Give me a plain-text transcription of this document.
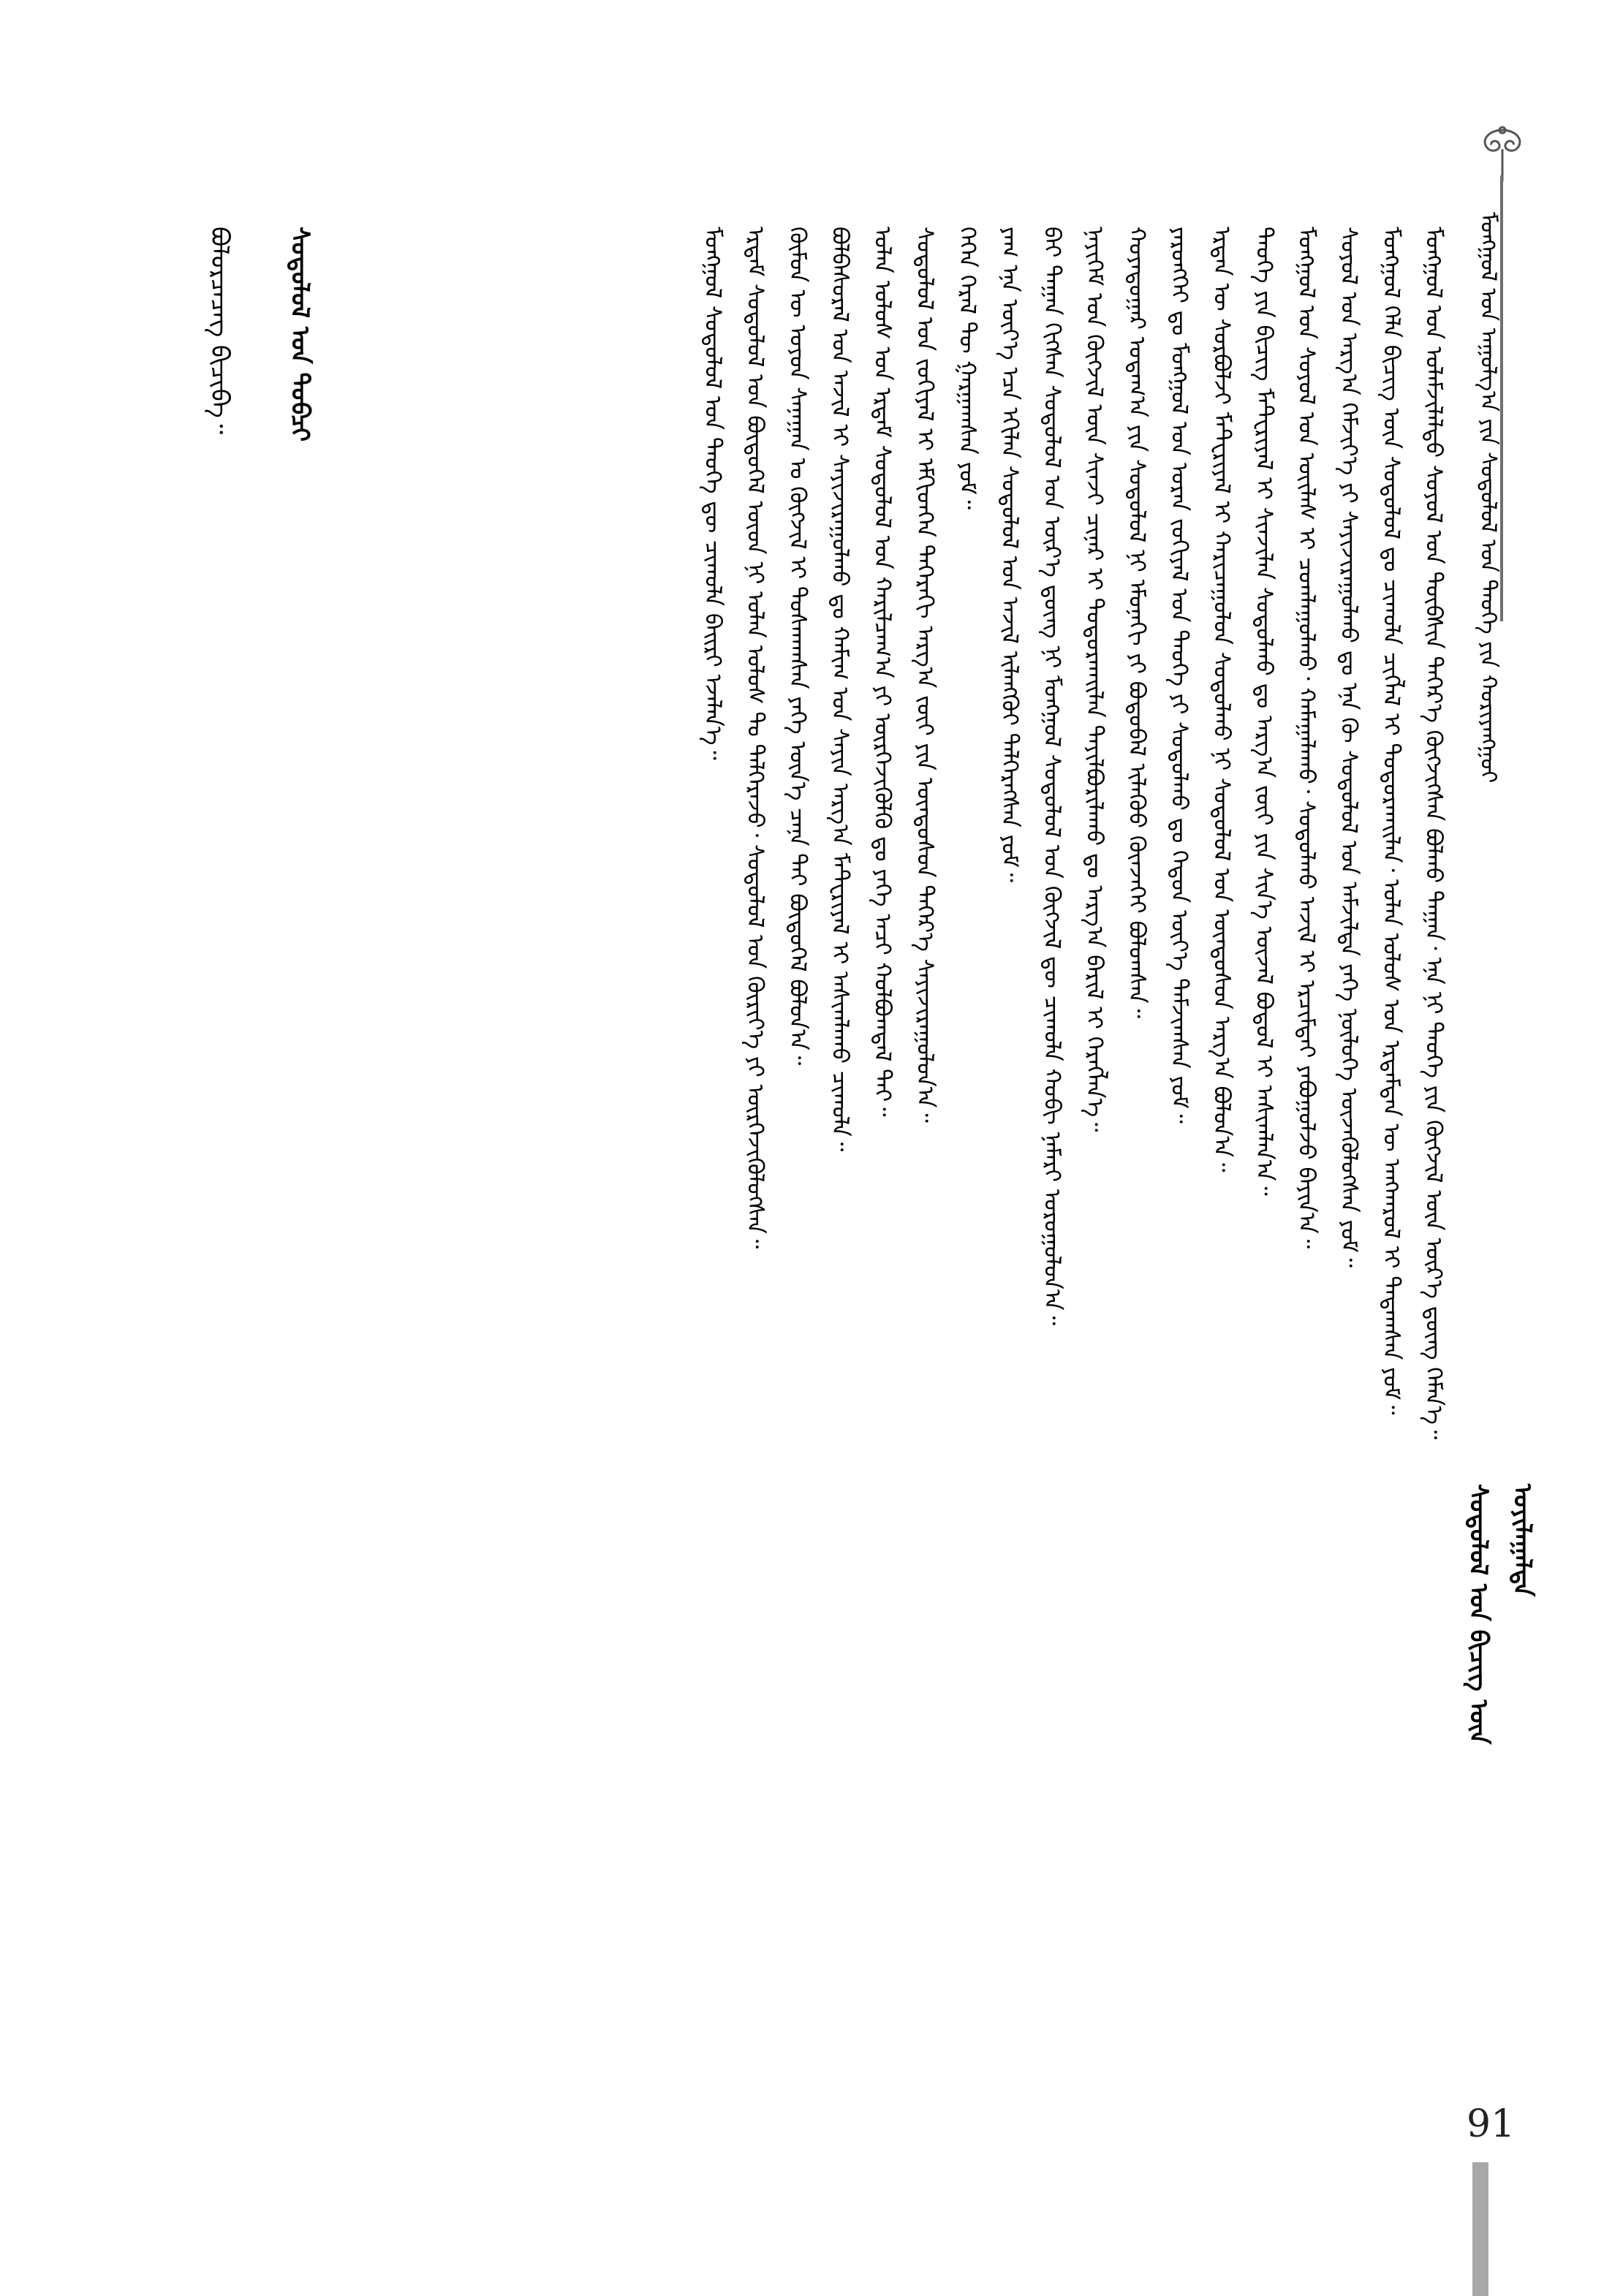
ᠮᠣᠩᠭᠣᠯ ᠤᠨ ᠠᠭᠤᠯᠭ᠎ᠠ ᠶᠢᠨ ᠰᠤᠳᠤᠯᠤᠯ ᠤᠨ ᠲᠡᠦᠬᠡ ᠶᠢᠨ ᠬᠤᠷᠢᠶᠠᠩᠭᠤᠢ
ᠰᠤᠳᠤᠯᠤᠯ ᠤᠨ ᠪᠢᠴᠢᠭ ᠦᠨ ᠣᠶᠢᠯᠠᠭᠠᠯᠲᠠ
91
ᠮᠣᠩᠭᠣᠯ ᠤᠨ ᠤᠯᠠᠮᠵᠢᠯᠠᠯᠲᠤ ᠰᠣᠶᠣᠯ ᠤᠨ ᠲᠦᠪᠰᠢᠨ ᠳᠡᠭᠡᠷ᠎ᠡ ᠬᠥᠭᠵᠢᠭᠰᠡᠨ ᠪᠣᠯᠬᠣ ᠳᠠᠭᠠᠨ᠂ ᠡᠨᠡ ᠨᠢ ᠲᠡᠦᠬᠡ ᠶᠢᠨ ᠬᠥᠭᠵᠢᠯ ᠦᠨ ᠦᠷ᠎ᠡ ᠳ᠋ᠦᠩ ᠬᠡᠮᠡᠨ᠎ᠡ᠃
ᠮᠣᠩᠭᠣᠯ ᠬᠡᠯᠡ ᠪᠢᠴᠢᠭ ᠦᠨ ᠰᠤᠳᠤᠯᠤᠯ ᠳᠤ ᠴᠢᠬᠤᠯᠠ ᠴᠢᠭᠯᠡᠯ ᠢ ᠲᠣᠳᠤᠷᠬᠠᠢᠯᠠᠨ᠂ ᠣᠯᠠᠨ ᠤᠯᠤᠰ ᠤᠨ ᠡᠷᠳᠡᠮᠲᠡᠨ ᠦ ᠠᠩᠬᠠᠷᠤᠯ ᠢ ᠲᠠᠲᠠᠭᠰᠠᠨ ᠶᠤᠮ᠃
ᠰᠣᠶᠣᠯ ᠤᠨ ᠠᠷᠭ᠎ᠠ ᠬᠡᠮᠵᠢᠶ᠎ᠡ ᠶᠢ ᠰᠠᠶᠢᠵᠢᠷᠠᠭᠤᠯᠬᠤ ᠳᠤ ᠡᠨᠡ ᠬᠦ ᠰᠤᠳᠤᠯᠤᠯ ᠤᠨ ᠠᠮᠵᠢᠯᠲᠠ ᠶᠡᠬᠡ ᠨᠥᠯᠦᠭᠡ ᠦᠵᠡᠭᠦᠯᠦᠭᠰᠡᠨ ᠶᠤᠮ᠃
ᠮᠣᠩᠭᠣᠯ ᠤᠨ ᠰᠣᠶᠣᠯ ᠤᠨ ᠦᠢᠯᠡᠰ ᠢ ᠴᠤᠭᠯᠠᠭᠤᠯᠬᠤ᠂ ᠬᠠᠮᠠᠭᠠᠯᠠᠬᠤ᠂ ᠰᠤᠳᠤᠯᠬᠤ ᠠᠵᠢᠯ ᠢ ᠡᠷᠴᠢᠮᠲᠡᠢ ᠶᠠᠪᠤᠭᠤᠯᠵᠤ ᠪᠠᠶᠢᠨ᠎ᠠ᠃
ᠲᠡᠦᠬᠡ ᠶᠢᠨ ᠪᠢᠴᠢᠭ ᠮᠠᠲ᠋ᠧᠷᠢᠶᠠᠯ ᠢ ᠰᠢᠨᠵᠢᠯᠡᠨ ᠰᠤᠳᠤᠯᠬᠤ ᠳᠤ ᠠᠷᠭ᠎ᠠ ᠵᠦᠢ ᠶᠢᠨ ᠰᠢᠨ᠎ᠡ ᠦᠵᠡᠯ ᠪᠣᠳᠣᠯ ᠢ ᠠᠰᠢᠭᠯᠠᠨ᠎ᠠ᠃
ᠡᠷᠲᠡᠨ ᠦ ᠰᠤᠷᠪᠤᠯᠵᠢ ᠮᠠᠲ᠋ᠧᠷᠢᠶᠠᠯ ᠢ ᠬᠠᠷᠢᠴᠠᠭᠤᠯᠤᠨ ᠰᠤᠳᠤᠯᠬᠤ ᠨᠢ ᠰᠤᠳᠤᠯᠤᠯ ᠤᠨ ᠦᠨᠳᠦᠰᠦᠨ ᠠᠷᠭ᠎ᠠ ᠪᠣᠯᠤᠨ᠎ᠠ᠃
ᠶᠡᠷᠦᠩᠬᠡᠢ ᠳᠤ ᠮᠣᠩᠭᠣᠯ ᠤᠨ ᠤᠷᠠᠨ ᠵᠣᠬᠢᠶᠠᠯ ᠤᠨ ᠲᠡᠦᠬᠡ ᠶᠢ ᠰᠤᠳᠤᠯᠬᠤ ᠳᠤ ᠬᠡᠳᠦᠨ ᠦᠶ᠎ᠡ ᠳᠠᠮᠵᠢᠭᠰᠠᠨ ᠶᠤᠮ᠃
ᠬᠣᠶᠠᠳᠤᠭᠠᠷ ᠤᠳᠠᠭ᠎ᠠ ᠶᠢᠨ ᠰᠤᠳᠤᠯᠤᠯ ᠨᠢ ᠡᠮᠦᠨᠡᠬᠢ ᠶᠢ ᠪᠣᠳᠣᠪᠠᠯ ᠢᠯᠡᠭᠦᠦ ᠭᠦᠨᠵᠡᠭᠡᠢ ᠪᠣᠯᠤᠭᠰᠠᠨ᠃
ᠨᠡᠶᠢᠭᠡᠮ ᠤᠨ ᠬᠥᠭᠵᠢᠯ ᠦᠨ ᠰᠢᠨᠵᠢ ᠴᠢᠨᠠᠷ ᠢ ᠲᠣᠳᠤᠷᠬᠠᠢᠯᠠᠨ ᠲᠠᠶᠢᠯᠪᠤᠷᠢᠯᠠᠬᠤ ᠳᠤ ᠠᠷᠭ᠎ᠠ ᠪᠠᠷᠢᠯ ᠢ ᠬᠡᠷᠡᠭᠯᠡᠨ᠎ᠡ᠃
ᠪᠠᠢ ᠳᠠᠭᠠᠨ ᠬᠢᠭᠰᠡᠨ ᠰᠤᠳᠤᠯᠤᠯ ᠤᠨ ᠦᠷ᠎ᠡ ᠳ᠋ᠦᠩ ᠨᠢ ᠮᠣᠩᠭᠣᠯ ᠰᠤᠳᠤᠯᠤᠯ ᠤᠨ ᠬᠥᠭᠵᠢᠯ ᠳᠦ ᠴᠢᠬᠤᠯᠠ ᠬᠤᠪᠢ ᠨᠡᠮᠡᠷᠢ ᠣᠷᠤᠭᠤᠯᠤᠨ᠎ᠠ᠃
ᠶᠠᠭ ᠡᠨᠡ ᠦᠶ᠎ᠡ ᠡᠴᠡ ᠡᠬᠢᠯᠡᠨ ᠰᠤᠳᠤᠯᠤᠯ ᠤᠨ ᠠᠵᠢᠯ ᠢᠯᠡᠩᠬᠦᠢ ᠲᠡᠯᠭᠡᠷᠡᠭᠰᠡᠨ ᠶᠤᠮ᠃
ᠭᠡᠭᠡᠨ ᠭᠡᠷᠡᠯ ᠲᠦ ᠭᠠᠷᠭᠠᠭᠰᠠᠨ ᠶᠤᠮ᠃
ᠰᠤᠳᠤᠯᠤᠯ ᠤᠨ ᠵᠣᠬᠢᠶᠠᠯ ᠢ ᠡᠮᠬᠢᠳᠭᠡᠨ ᠳᠡᠭᠡᠷᠡᠬᠢ ᠠᠷᠭ᠎ᠠ ᠵᠦᠢ ᠶᠢᠨ ᠦᠨᠳᠦᠰᠦᠨ ᠳᠡᠭᠡᠷ᠎ᠡ ᠰᠠᠶᠢᠵᠢᠷᠠᠭᠤᠯᠤᠨ᠎ᠠ᠃
ᠣᠯᠠᠨ ᠤᠯᠤᠰ ᠤᠨ ᠡᠷᠳᠡᠮ ᠰᠤᠳᠤᠯᠤᠯ ᠤᠨ ᠬᠠᠷᠢᠯᠴᠠᠭ᠎ᠠ ᠶᠢ ᠥᠷᠭᠡᠵᠢᠭᠦᠯᠬᠦ ᠳᠤ ᠶᠡᠬᠡ ᠠᠴᠢ ᠬᠣᠯᠪᠣᠭᠳᠠᠯ ᠲᠠᠢ᠃
ᠪᠣᠯᠪᠠᠰᠤᠷᠠᠯ ᠤᠨ ᠠᠵᠢᠯ ᠢ ᠰᠠᠶᠢᠵᠢᠷᠠᠭᠤᠯᠬᠤ ᠳᠤ ᠬᠠᠮᠢᠭ ᠤᠨ ᠰᠠᠶᠢᠨ ᠠᠷᠭ᠎ᠠ ᠮᠠᠲ᠋ᠧᠷᠢᠶᠠᠯ ᠢ ᠠᠰᠢᠭᠯᠠᠬᠤ ᠴᠢᠬᠤᠯᠠ᠃
ᠬᠦᠮᠦᠨ ᠦ ᠣᠶᠤᠨ ᠰᠠᠨᠠᠭᠠᠨ ᠤ ᠬᠥᠭᠵᠢᠯ ᠢ ᠲᠤᠰᠬᠠᠭᠰᠠᠨ ᠶᠡᠬᠡ ᠦᠨ᠎ᠡ ᠴᠡᠨᠡ ᠲᠠᠢ ᠪᠦᠲᠦᠭᠡᠯ ᠪᠣᠯᠤᠨ᠎ᠠ᠃
ᠡᠷᠳᠡᠮ ᠰᠤᠳᠤᠯᠤᠯ ᠤᠨ ᠪᠦᠲᠦᠭᠡᠯ ᠦᠳ ᠨᠢ ᠣᠯᠠᠨ ᠤᠯᠤᠰ ᠲᠤ ᠳᠡᠯᠭᠡᠷᠡᠵᠦ᠂ ᠰᠤᠳᠤᠯᠤᠯ ᠤᠨ ᠬᠦᠷᠢᠶ᠎ᠡ ᠶᠢ ᠥᠷᠭᠡᠵᠢᠭᠦᠯᠦᠭᠰᠡᠨ᠃
ᠮᠣᠩᠭᠣᠯ ᠰᠤᠳᠤᠯᠤᠯ ᠤᠨ ᠲᠡᠦᠬᠡ ᠳᠦ ᠴᠢᠬᠤᠯᠠ ᠪᠠᠢᠷᠢ ᠡᠵᠡᠯᠡᠨ᠎ᠡ᠃
ᠰᠤᠳᠤᠯᠤᠯ ᠤᠨ ᠲᠣᠪᠴᠢ
ᠪᠣᠯᠣᠷᠴᠡᠴᠡᠭ ᠪᠢᠴᠢᠪᠡ᠃
